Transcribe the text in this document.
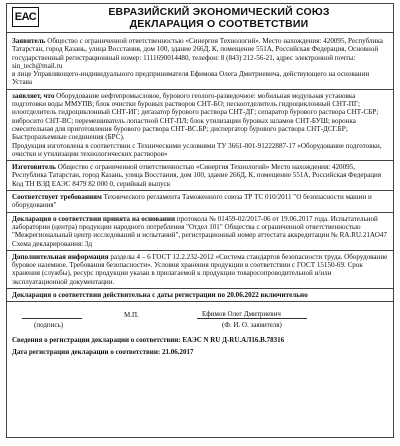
ЕАС	ЕВРАЗИЙСКИЙ ЭКОНОМИЧЕСКИЙ СОЮЗ
ДЕКЛАРАЦИЯ О СООТВЕТСТВИИ

Заявитель Общество с ограниченной ответственностью «Синергия Технологий». Место нахождения: 420095, Республика Татарстан, город Казань, улица Восстания, дом 100, здание 266Д, К, помещение 551А, Российская Федерация, Основной государственный регистрационный номер: 1111690014480, телефон: 8 (843) 212-56-21, адрес электронной почты: sin_tech@mail.ru

в лице Управляющего-индивидуального предпринимателя Ефимова Олега Дмитриевича, действующего на основании Устава

заявляет, что Оборудование нефтепромысловое, бурового геолого-разведочное: мобильная модульная установка подготовки воды ММУПВ; блок очистки буровых растворов СНТ-БО; пескоотделитель гидроциклонный СНТ-ПГ; илоотделитель гидроциклонный СНТ-ИГ; дегазатор бурового раствора СНТ-ДГ; сепаратор бурового раствора СНТ-СБР; вибросито СНТ-ВС; перемешиватель лопастной СНТ-ПЛ; блок утилизации буровых шламов СНТ-БУШ; воронка смесительная для приготовления бурового раствора СНТ-ВС.БР; диспергатор бурового раствора СНТ-ДСГ.БР; Быстроразъемные соединения (БРС).

Продукция изготовлена в соответствии с Техническими условиями ТУ 3661-001-91222887-17 «Оборудование подготовки, очистки и утилизации технологических растворов»

Изготовитель Общество с ограниченной ответственностью «Синергия Технологий» Место нахождения: 420095, Республика Татарстан, город Казань, улица Восстания, дом 100, здание 266Д, К, помещение 551А, Российская Федерация

Код ТН ВЭД ЕАЭС 8479 82 000 0, серийный выпуск

Соответствует требованиям Технического регламента Таможенного союза ТР ТС 010/2011 "О безопасности машин и оборудования"

Декларация о соответствии принята на основании протокола № 01459-02/2017-06 от 19.06.2017 года. Испытательной лаборатории (центра) продукции народного потребления "Отдел 101" Общества с ограниченной ответственностью "Межрегиональный центр исследований и испытаний", регистрационный номер аттестата аккредитации № RA.RU.21АО47 Схема декларирования: 3д

Дополнительная информация разделы 4 – 6 ГОСТ 12.2.232-2012 «Система стандартов безопасности труда. Оборудование буровое наземное. Требования безопасности». Условия хранения продукции в соответствии с ГОСТ 15150-69. Срок хранения (службы), ресурс продукции указан в прилагаемой к продукции товаросопроводительной и/или эксплуатационной документации.

Декларация о соответствии действительна с даты регистрации по 20.06.2022 включительно

М.П.	Ефимов Олег Дмитриевич
(подпись)	(Ф. И. О. заявителя)

Сведения о регистрации декларации о соответствии: ЕАЭС N RU Д-RU.АЛ16.В.78316

Дата регистрации декларации о соответствии: 21.06.2017
